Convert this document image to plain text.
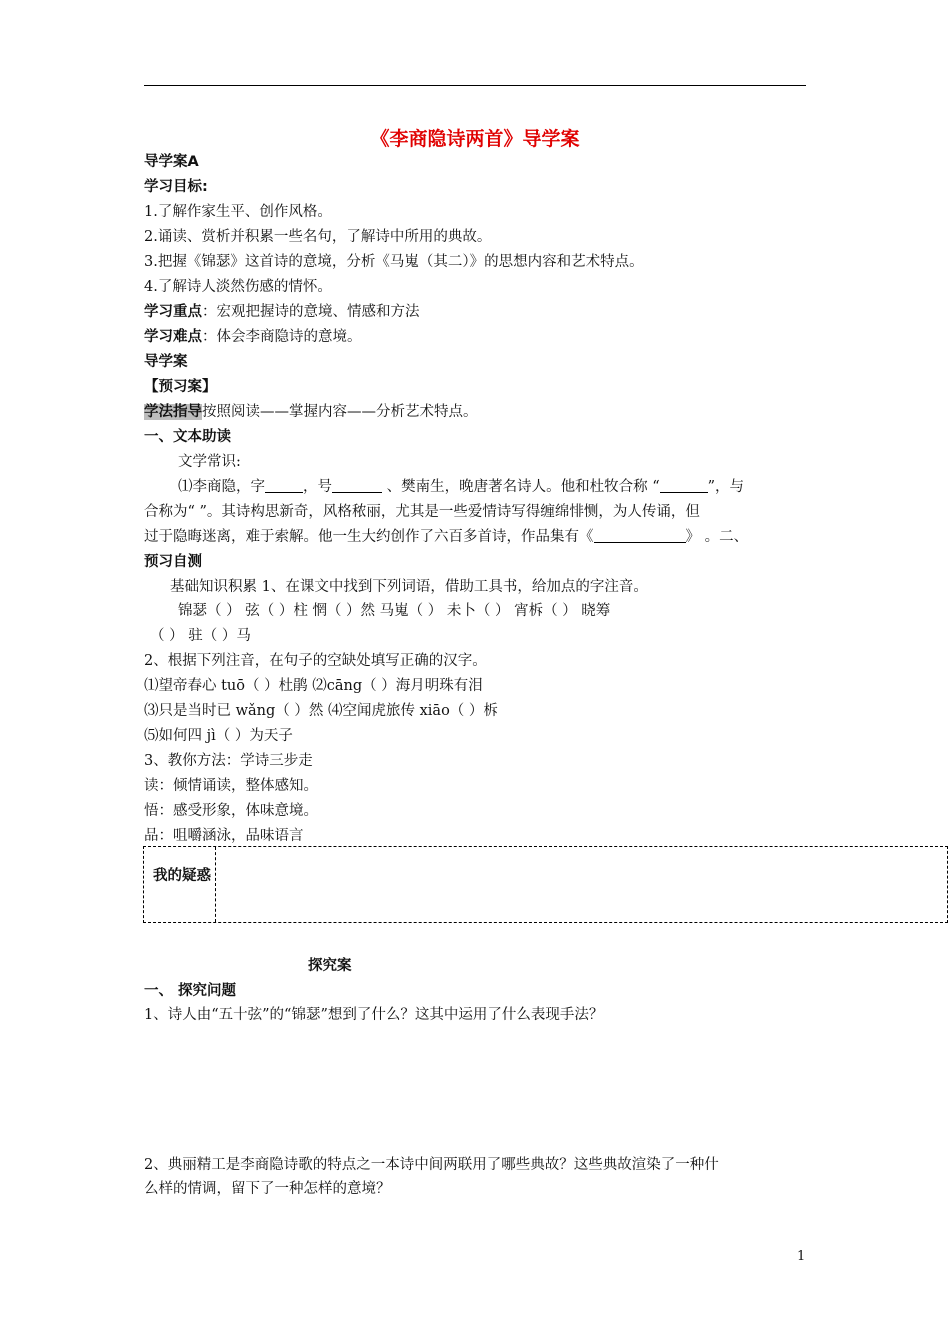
《李商隐诗两首》导学案
导学案A
学习目标:
1.了解作家生平、创作风格。
2.诵读、赏析并积累一些名句，了解诗中所用的典故。
3.把握《锦瑟》这首诗的意境，分析《马嵬（其二）》的思想内容和艺术特点。
4.了解诗人淡然伤感的情怀。
学习重点：宏观把握诗的意境、情感和方法
学习难点：体会李商隐诗的意境。
导学案
【预习案】
学法指导按照阅读——掌握内容——分析艺术特点。
一、文本助读
文学常识:
⑴李商隐，字	，号	、樊南生，晚唐著名诗人。他和杜牧合称 “	”，与
合称为“ ”。其诗构思新奇，风格秾丽，尤其是一些爱情诗写得缠绵悱恻，为人传诵，但
过于隐晦迷离，难于索解。他一生大约创作了六百多首诗，作品集有《	》 。二、
预习自测
基础知识积累 1、在课文中找到下列词语，借助工具书，给加点的字注音。
锦瑟（ ） 弦（ ）柱 惘（ ）然 马嵬（ ） 未卜（ ） 宵柝（ ） 晓筹
（ ） 驻（ ）马
2、根据下列注音，在句子的空缺处填写正确的汉字。
⑴望帝春心 tuō（ ）杜鹃 ⑵cāng（ ）海月明珠有泪
⑶只是当时已 wǎng（ ）然 ⑷空闻虎旅传 xiāo（ ）柝
⑸如何四 jì（ ）为天子
3、教你方法：学诗三步走
读：倾情诵读，整体感知。
悟：感受形象，体味意境。
品：咀嚼涵泳，品味语言
我的疑惑
探究案
一、 探究问题
1、诗人由“五十弦”的“锦瑟”想到了什么？这其中运用了什么表现手法？
2、典丽精工是李商隐诗歌的特点之一本诗中间两联用了哪些典故？这些典故渲染了一种什
么样的情调，留下了一种怎样的意境？
1
